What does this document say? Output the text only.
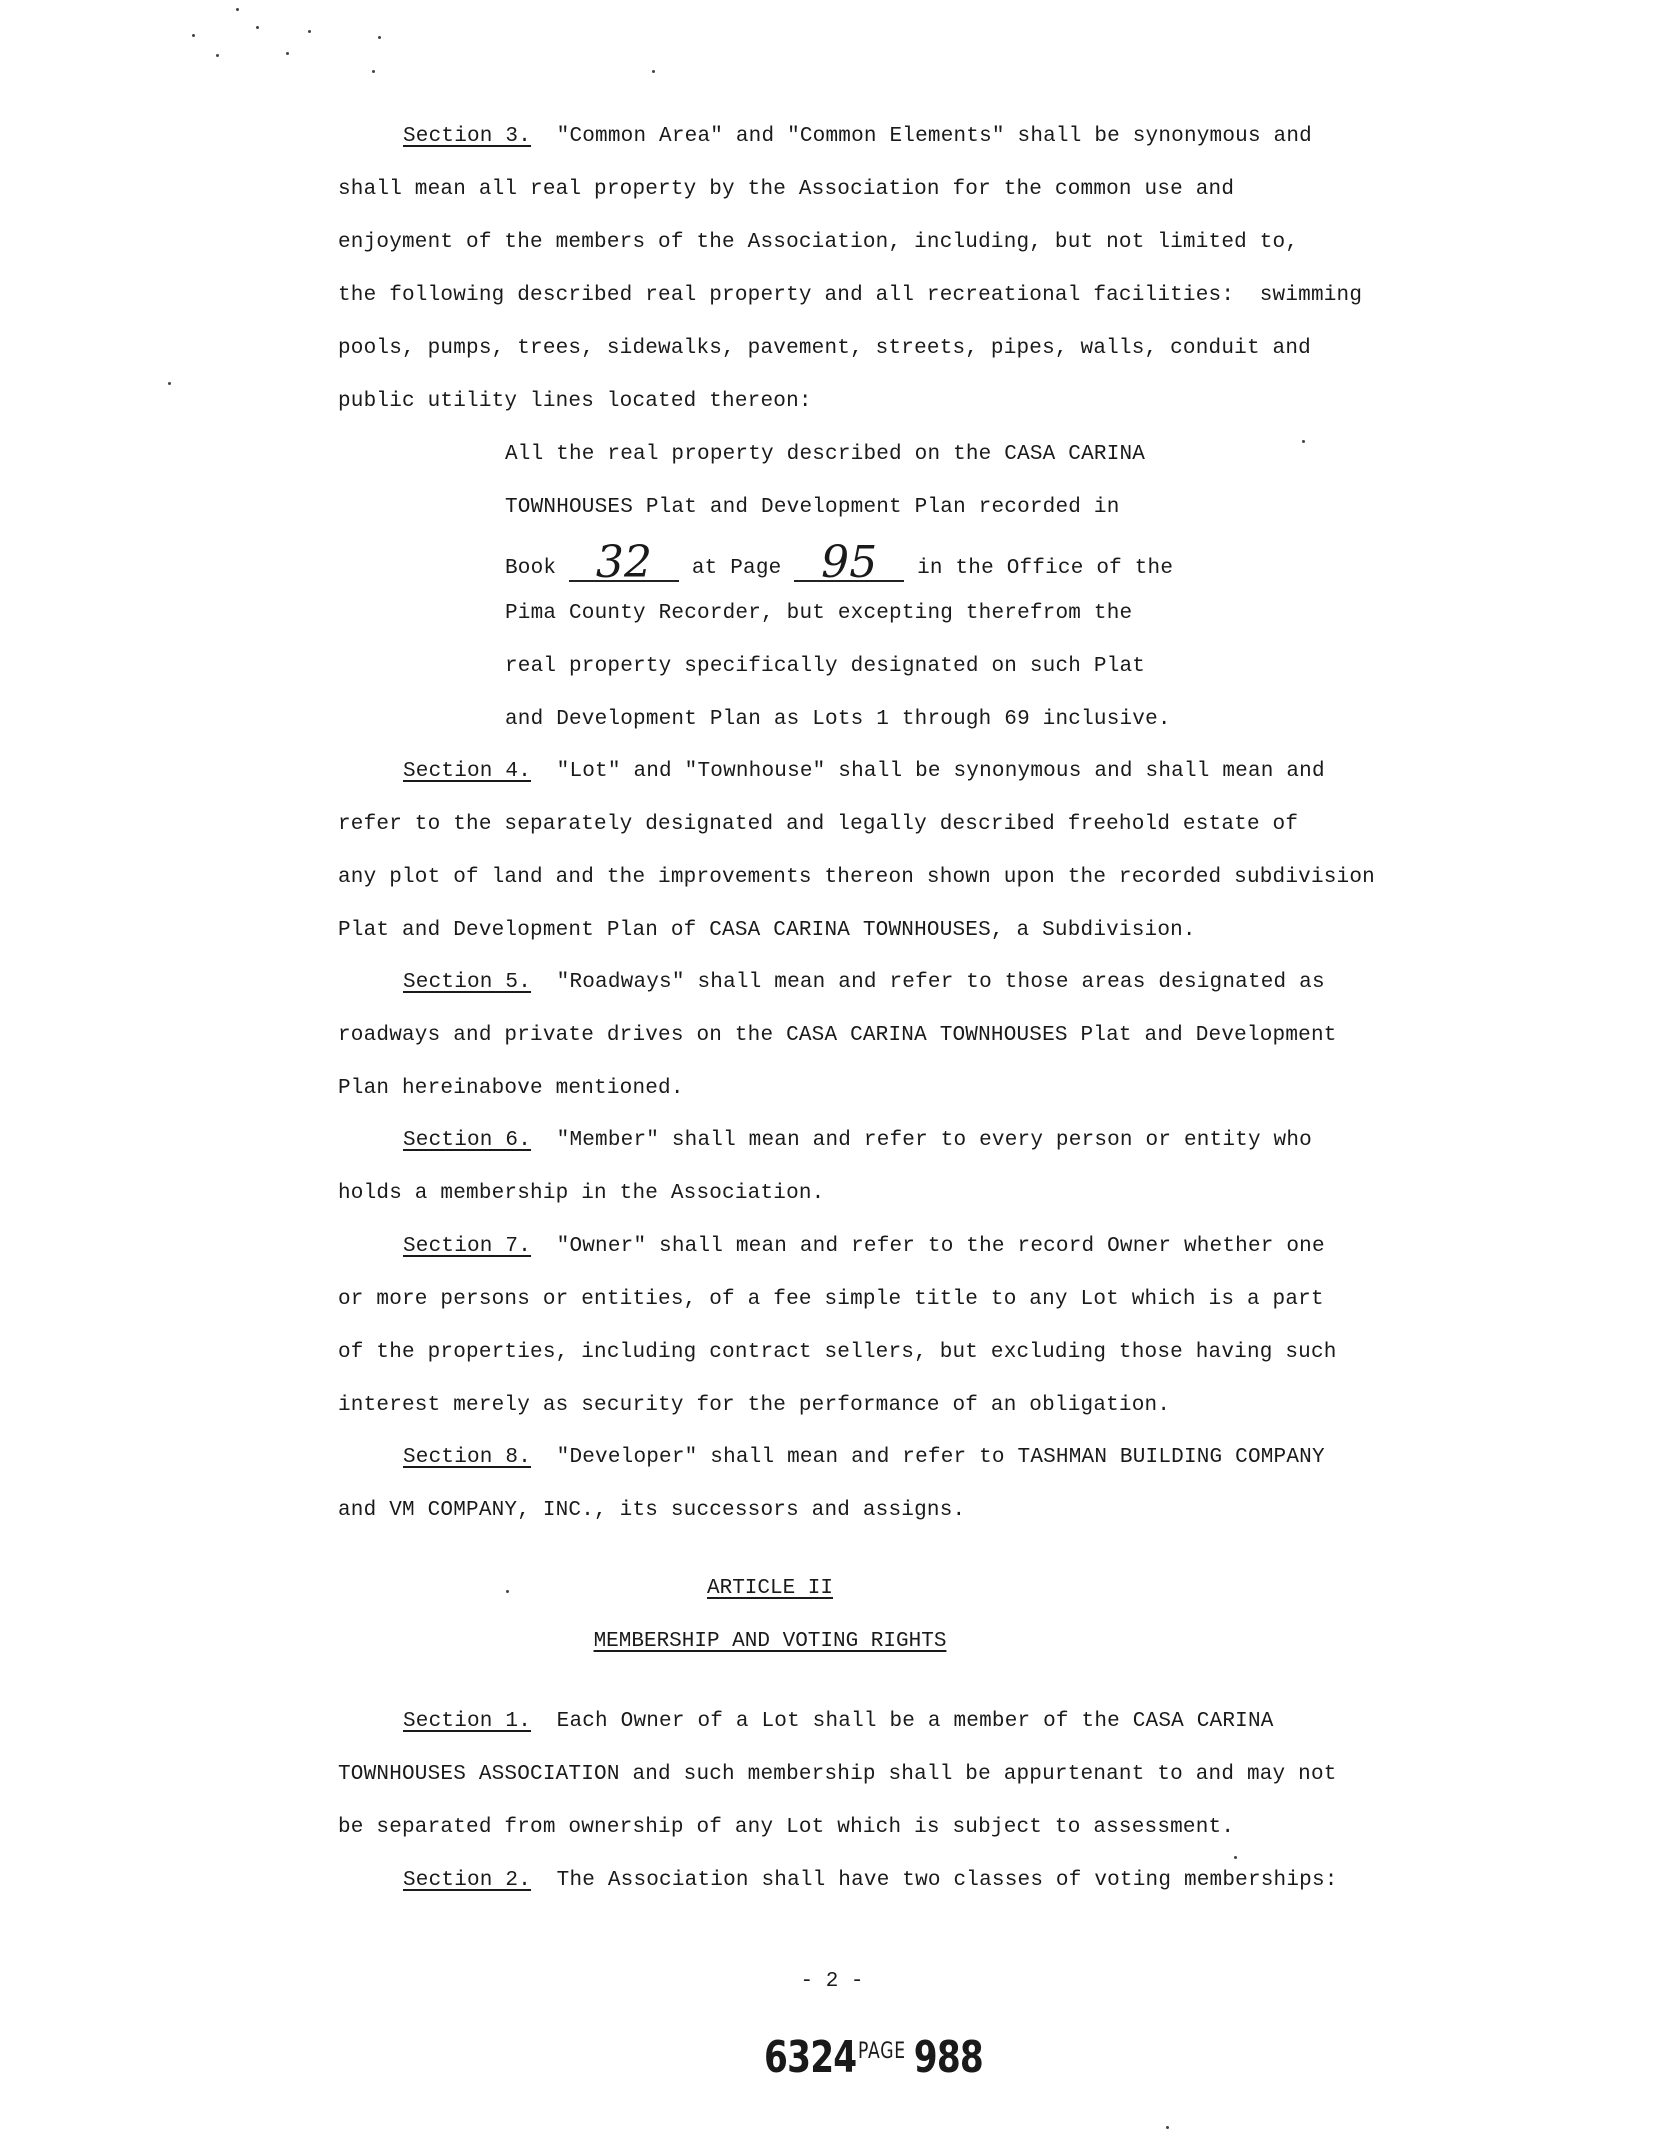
Section 3. "Common Area" and "Common Elements" shall be synonymous and
shall mean all real property by the Association for the common use and
enjoyment of the members of the Association, including, but not limited to,
the following described real property and all recreational facilities:  swimming
pools, pumps, trees, sidewalks, pavement, streets, pipes, walls, conduit and
public utility lines located thereon:
All the real property described on the CASA CARINA
TOWNHOUSES Plat and Development Plan recorded in
Book 32 at Page 95 in the Office of the
Pima County Recorder, but excepting therefrom the
real property specifically designated on such Plat
and Development Plan as Lots 1 through 69 inclusive.
Section 4. "Lot" and "Townhouse" shall be synonymous and shall mean and
refer to the separately designated and legally described freehold estate of
any plot of land and the improvements thereon shown upon the recorded subdivision
Plat and Development Plan of CASA CARINA TOWNHOUSES, a Subdivision.
Section 5. "Roadways" shall mean and refer to those areas designated as
roadways and private drives on the CASA CARINA TOWNHOUSES Plat and Development
Plan hereinabove mentioned.
Section 6. "Member" shall mean and refer to every person or entity who
holds a membership in the Association.
Section 7. "Owner" shall mean and refer to the record Owner whether one
or more persons or entities, of a fee simple title to any Lot which is a part
of the properties, including contract sellers, but excluding those having such
interest merely as security for the performance of an obligation.
Section 8. "Developer" shall mean and refer to TASHMAN BUILDING COMPANY
and VM COMPANY, INC., its successors and assigns.
ARTICLE II
MEMBERSHIP AND VOTING RIGHTS
Section 1. Each Owner of a Lot shall be a member of the CASA CARINA
TOWNHOUSES ASSOCIATION and such membership shall be appurtenant to and may not
be separated from ownership of any Lot which is subject to assessment.
Section 2. The Association shall have two classes of voting memberships:
- 2 -
$6324^{PAGE}$ 988
